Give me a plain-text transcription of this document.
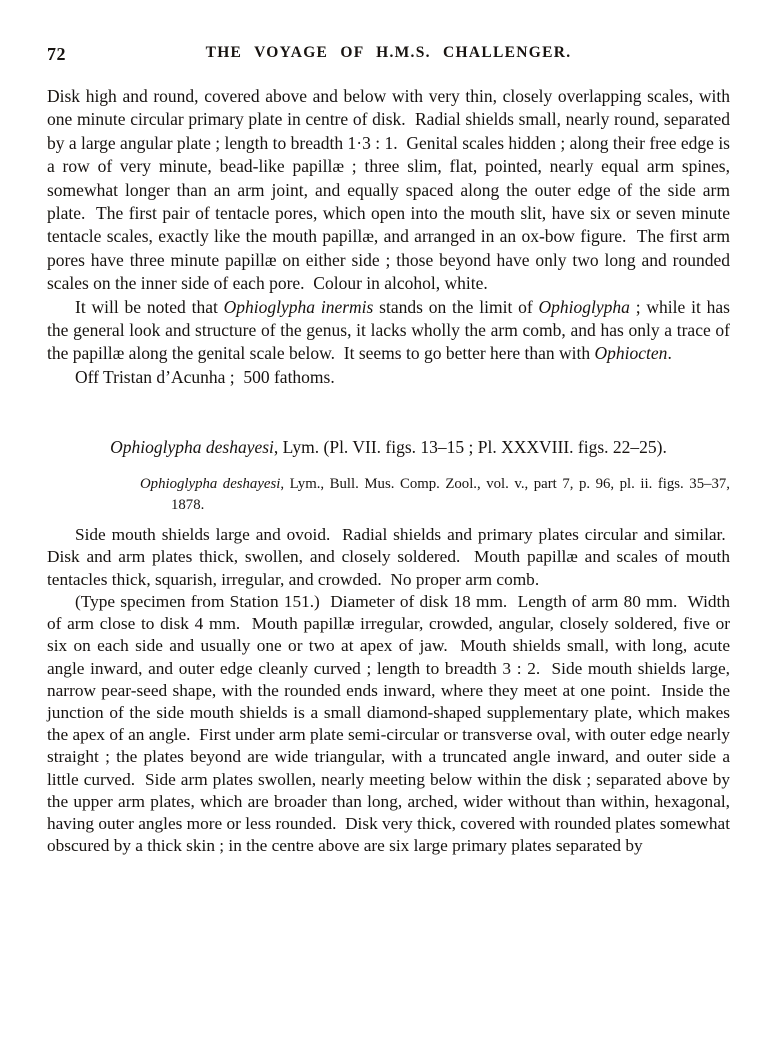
72	THE VOYAGE OF H.M.S. CHALLENGER.

Disk high and round, covered above and below with very thin, closely overlapping scales, with one minute circular primary plate in centre of disk.  Radial shields small, nearly round, separated by a large angular plate ; length to breadth 1·3 : 1.  Genital scales hidden ; along their free edge is a row of very minute, bead-like papillæ ; three slim, flat, pointed, nearly equal arm spines, somewhat longer than an arm joint, and equally spaced along the outer edge of the side arm plate.  The first pair of tentacle pores, which open into the mouth slit, have six or seven minute tentacle scales, exactly like the mouth papillæ, and arranged in an ox-bow figure.  The first arm pores have three minute papillæ on either side ; those beyond have only two long and rounded scales on the inner side of each pore.  Colour in alcohol, white.

It will be noted that Ophioglypha inermis stands on the limit of Ophioglypha ; while it has the general look and structure of the genus, it lacks wholly the arm comb, and has only a trace of the papillæ along the genital scale below.  It seems to go better here than with Ophiocten.

Off Tristan d’Acunha ;  500 fathoms.

Ophioglypha deshayesi, Lym. (Pl. VII. figs. 13–15 ; Pl. XXXVIII. figs. 22–25).

Ophioglypha deshayesi, Lym., Bull. Mus. Comp. Zool., vol. v., part 7, p. 96, pl. ii. figs. 35–37, 1878.

Side mouth shields large and ovoid.  Radial shields and primary plates circular and similar.  Disk and arm plates thick, swollen, and closely soldered.  Mouth papillæ and scales of mouth tentacles thick, squarish, irregular, and crowded.  No proper arm comb.

(Type specimen from Station 151.)  Diameter of disk 18 mm.  Length of arm 80 mm.  Width of arm close to disk 4 mm.  Mouth papillæ irregular, crowded, angular, closely soldered, five or six on each side and usually one or two at apex of jaw.  Mouth shields small, with long, acute angle inward, and outer edge cleanly curved ; length to breadth 3 : 2.  Side mouth shields large, narrow pear-seed shape, with the rounded ends inward, where they meet at one point.  Inside the junction of the side mouth shields is a small diamond-shaped supplementary plate, which makes the apex of an angle.  First under arm plate semi-circular or transverse oval, with outer edge nearly straight ; the plates beyond are wide triangular, with a truncated angle inward, and outer side a little curved.  Side arm plates swollen, nearly meeting below within the disk ; separated above by the upper arm plates, which are broader than long, arched, wider without than within, hexagonal, having outer angles more or less rounded.  Disk very thick, covered with rounded plates somewhat obscured by a thick skin ; in the centre above are six large primary plates separated by
